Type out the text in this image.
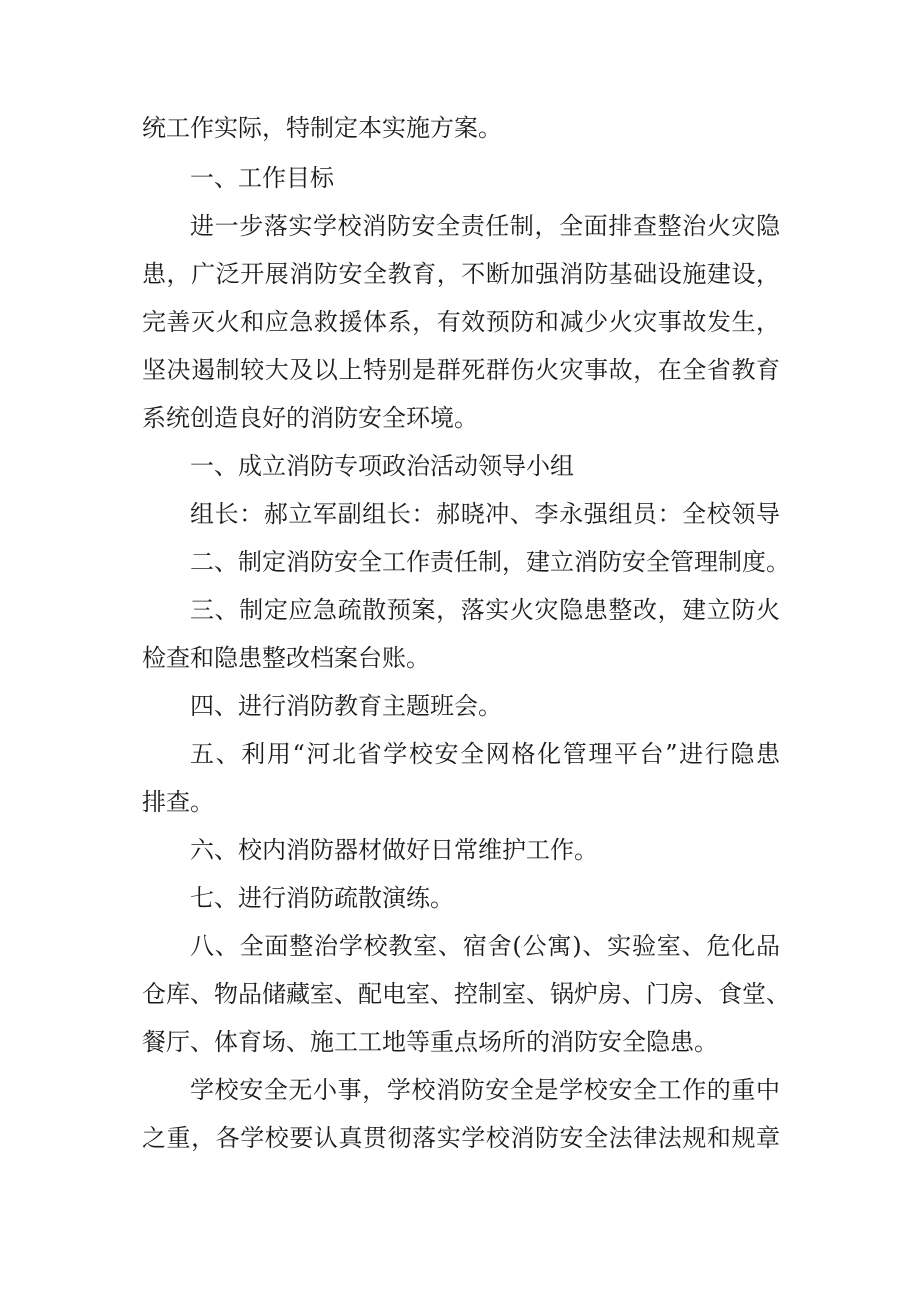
统工作实际，特制定本实施方案。
一、工作目标
进一步落实学校消防安全责任制，全面排查整治火灾隐
患，广泛开展消防安全教育，不断加强消防基础设施建设，
完善灭火和应急救援体系，有效预防和减少火灾事故发生，
坚决遏制较大及以上特别是群死群伤火灾事故，在全省教育
系统创造良好的消防安全环境。
一、成立消防专项政治活动领导小组
组长：郝立军副组长：郝晓冲、李永强组员：全校领导
二、制定消防安全工作责任制，建立消防安全管理制度。
三、制定应急疏散预案，落实火灾隐患整改，建立防火
检查和隐患整改档案台账。
四、进行消防教育主题班会。
五、利用“河北省学校安全网格化管理平台”进行隐患
排查。
六、校内消防器材做好日常维护工作。
七、进行消防疏散演练。
八、全面整治学校教室、宿舍(公寓)、实验室、危化品
仓库、物品储藏室、配电室、控制室、锅炉房、门房、食堂、
餐厅、体育场、施工工地等重点场所的消防安全隐患。
学校安全无小事，学校消防安全是学校安全工作的重中
之重，各学校要认真贯彻落实学校消防安全法律法规和规章
